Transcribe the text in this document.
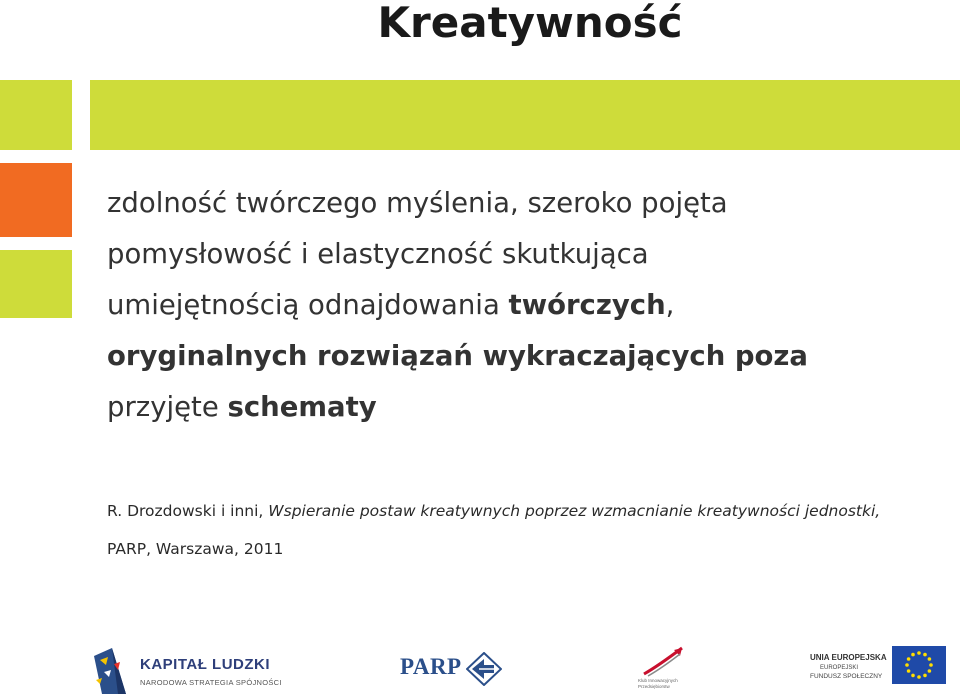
Kreatywność
zdolność twórczego myślenia, szeroko pojęta
pomysłowość i elastyczność skutkująca
umiejętnością odnajdowania twórczych,
oryginalnych rozwiązań wykraczających poza
przyjęte schematy
R. Drozdowski i inni, Wspieranie postaw kreatywnych poprzez wzmacnianie kreatywności jednostki,
PARP, Warszawa, 2011
KAPITAŁ LUDZKI
NARODOWA STRATEGIA SPÓJNOŚCI
PARP
Klub Innowacyjnych Przedsiębiorstw
UNIA EUROPEJSKA
EUROPEJSKI
FUNDUSZ SPOŁECZNY
